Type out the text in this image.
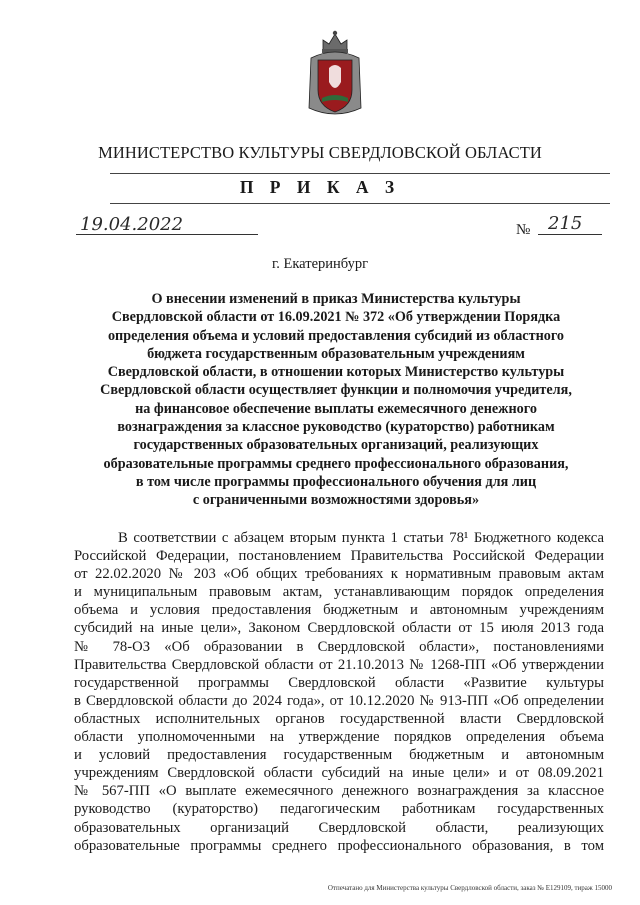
МИНИСТЕРСТВО КУЛЬТУРЫ СВЕРДЛОВСКОЙ ОБЛАСТИ
П Р И К А З
19.04.2022	№ 215
г. Екатеринбург
О внесении изменений в приказ Министерства культуры
Свердловской области от 16.09.2021 № 372 «Об утверждении Порядка
определения объема и условий предоставления субсидий из областного
бюджета государственным образовательным учреждениям
Свердловской области, в отношении которых Министерство культуры
Свердловской области осуществляет функции и полномочия учредителя,
на финансовое обеспечение выплаты ежемесячного денежного
вознаграждения за классное руководство (кураторство) работникам
государственных образовательных организаций, реализующих
образовательные программы среднего профессионального образования,
в том числе программы профессионального обучения для лиц
с ограниченными возможностями здоровья»
В соответствии с абзацем вторым пункта 1 статьи 78¹ Бюджетного кодекса
Российской Федерации, постановлением Правительства Российской Федерации
от 22.02.2020 № 203 «Об общих требованиях к нормативным правовым актам
и муниципальным правовым актам, устанавливающим порядок определения
объема и условия предоставления бюджетным и автономным учреждениям
субсидий на иные цели», Законом Свердловской области от 15 июля 2013 года
№ 78-ОЗ «Об образовании в Свердловской области», постановлениями
Правительства Свердловской области от 21.10.2013 № 1268-ПП «Об утверждении
государственной программы Свердловской области «Развитие культуры
в Свердловской области до 2024 года», от 10.12.2020 № 913-ПП «Об определении
областных исполнительных органов государственной власти Свердловской
области уполномоченными на утверждение порядков определения объема
и условий предоставления государственным бюджетным и автономным
учреждениям Свердловской области субсидий на иные цели» и от 08.09.2021
№ 567-ПП «О выплате ежемесячного денежного вознаграждения за классное
руководство (кураторство) педагогическим работникам государственных
образовательных организаций Свердловской области, реализующих
образовательные программы среднего профессионального образования, в том
Отпечатано для Министерства культуры Свердловской области, заказ № Е129109, тираж 15000
